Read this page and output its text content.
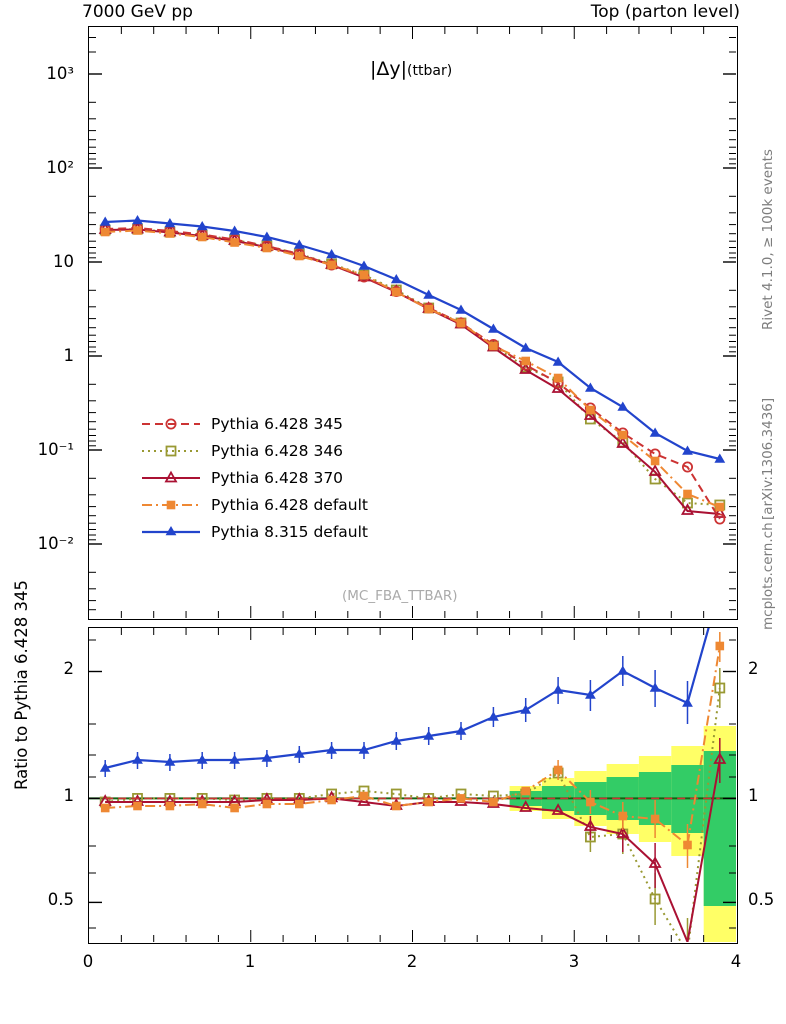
7000 GeV pp	Top (parton level)
Rivet 4.1.0, ≥ 100k events
[arXiv:1306.3436]
mcplots.cern.ch
10³
10²
10
1
10⁻¹
10⁻²
|Δy|(ttbar)
(MC_FBA_TTBAR)
Pythia 6.428 345
Pythia 6.428 346
Pythia 6.428 370
Pythia 6.428 default
Pythia 8.315 default
2
1
0.5
2
1
0.5
Ratio to Pythia 6.428 345
0	1	2	3	4
